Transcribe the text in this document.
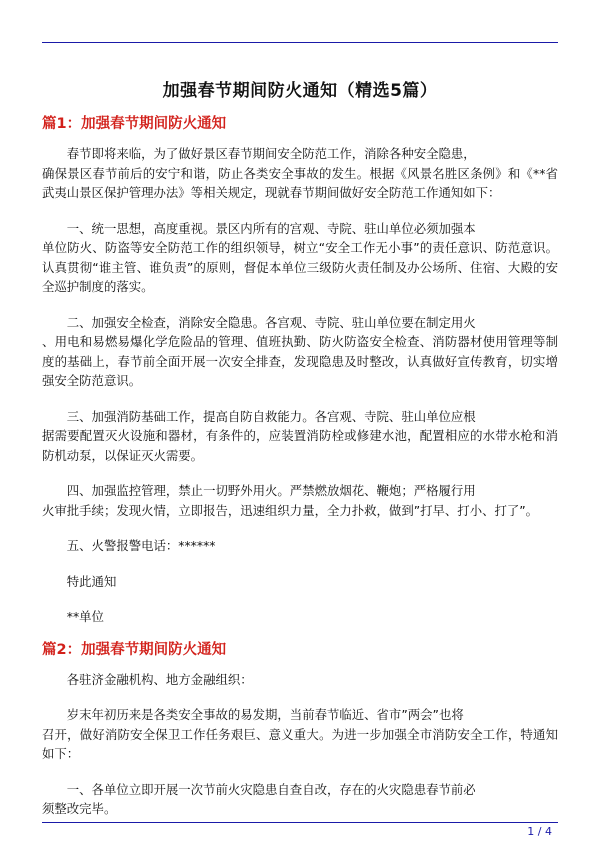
加强春节期间防火通知（精选5篇）
篇1：加强春节期间防火通知

　　春节即将来临，为了做好景区春节期间安全防范工作，消除各种安全隐患，
确保景区春节前后的安宁和谐，防止各类安全事故的发生。根据《风景名胜区条例》和《**省武夷山景区保护管理办法》等相关规定，现就春节期间做好安全防范工作通知如下：

　　一、统一思想，高度重视。景区内所有的宫观、寺院、驻山单位必须加强本
单位防火、防盗等安全防范工作的组织领导，树立“安全工作无小事”的责任意识、防范意识。认真贯彻“谁主管、谁负责”的原则，督促本单位三级防火责任制及办公场所、住宿、大殿的安全巡护制度的落实。

　　二、加强安全检查，消除安全隐患。各宫观、寺院、驻山单位要在制定用火
、用电和易燃易爆化学危险品的管理、值班执勤、防火防盗安全检查、消防器材使用管理等制度的基础上，春节前全面开展一次安全排查，发现隐患及时整改，认真做好宣传教育，切实增强安全防范意识。

　　三、加强消防基础工作，提高自防自救能力。各宫观、寺院、驻山单位应根
据需要配置灭火设施和器材，有条件的，应装置消防栓或修建水池，配置相应的水带水枪和消防机动泵，以保证灭火需要。

　　四、加强监控管理，禁止一切野外用火。严禁燃放烟花、鞭炮；严格履行用
火审批手续；发现火情，立即报告，迅速组织力量，全力扑救，做到”打早、打小、打了”。

　　五、火警报警电话：******

　　特此通知

　　**单位

篇2：加强春节期间防火通知

　　各驻济金融机构、地方金融组织：

　　岁末年初历来是各类安全事故的易发期，当前春节临近、省市”两会”也将
召开，做好消防安全保卫工作任务艰巨、意义重大。为进一步加强全市消防安全工作，特通知如下：

　　一、各单位立即开展一次节前火灾隐患自查自改，存在的火灾隐患春节前必
须整改完毕。

1 / 4
